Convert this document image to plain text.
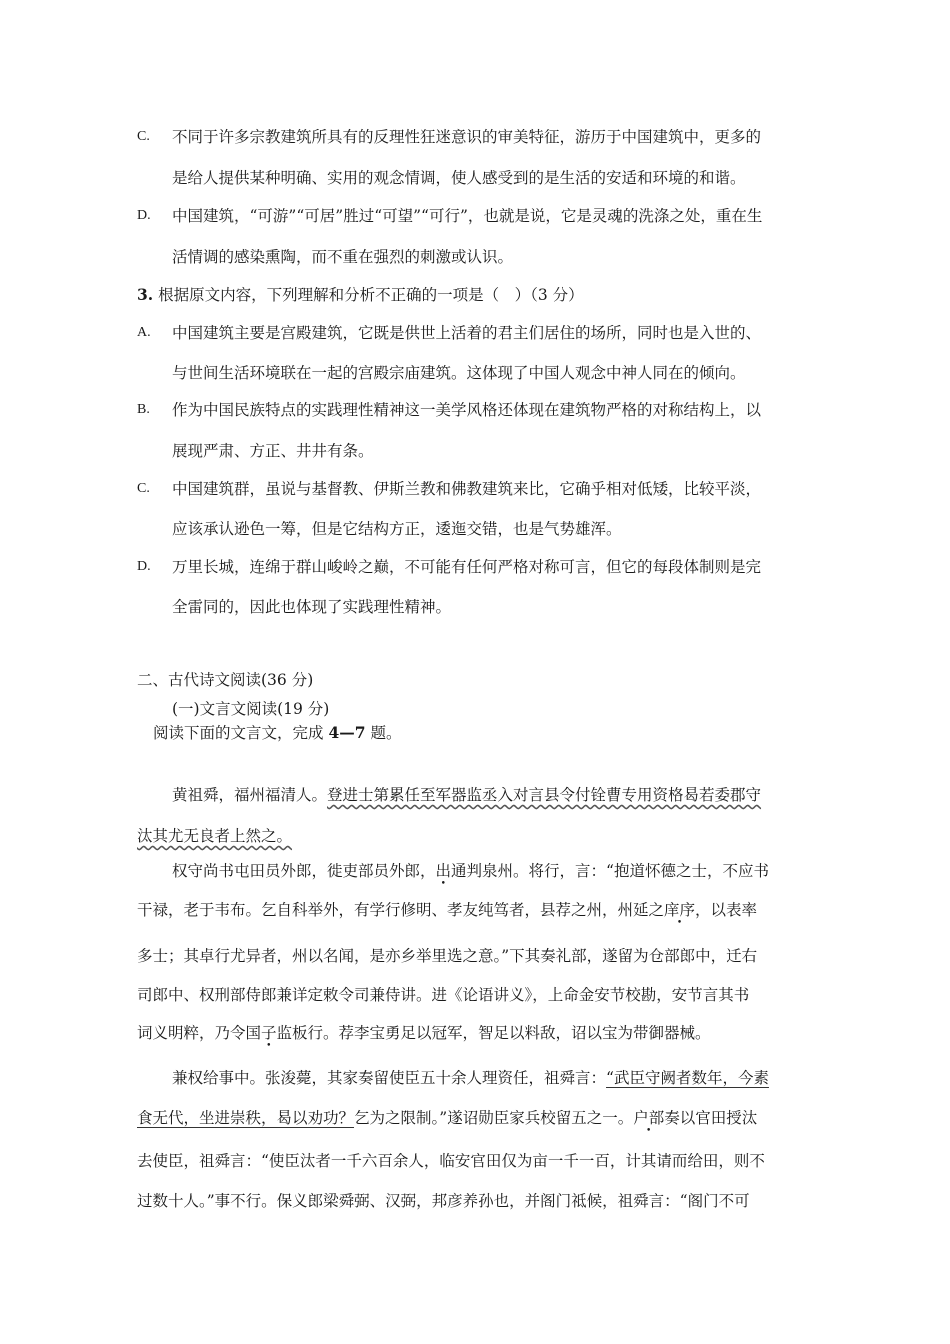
C. 不同于许多宗教建筑所具有的反理性狂迷意识的审美特征，游历于中国建筑中，更多的
是给人提供某种明确、实用的观念情调，使人感受到的是生活的安适和环境的和谐。
D. 中国建筑，“可游”“可居”胜过“可望”“可行”，也就是说，它是灵魂的洗涤之处，重在生
活情调的感染熏陶，而不重在强烈的刺激或认识。
3. 根据原文内容，下列理解和分析不正确的一项是（　）（3 分）
A. 中国建筑主要是宫殿建筑，它既是供世上活着的君主们居住的场所，同时也是入世的、
与世间生活环境联在一起的宫殿宗庙建筑。这体现了中国人观念中神人同在的倾向。
B. 作为中国民族特点的实践理性精神这一美学风格还体现在建筑物严格的对称结构上，以
展现严肃、方正、井井有条。
C. 中国建筑群，虽说与基督教、伊斯兰教和佛教建筑来比，它确乎相对低矮，比较平淡，
应该承认逊色一筹，但是它结构方正，逶迤交错，也是气势雄浑。
D. 万里长城，连绵于群山峻岭之巅，不可能有任何严格对称可言，但它的每段体制则是完
全雷同的，因此也体现了实践理性精神。
二、古代诗文阅读(36 分)
(一)文言文阅读(19 分)
阅读下面的文言文，完成 4—7 题。
黄祖舜，福州福清人。登进士第累任至军器监丞入对言县令付铨曹专用资格曷若委郡守
汰其尤无良者上然之。
权守尚书屯田员外郎，徙吏部员外郎，出通判泉州。将行，言：“抱道怀德之士，不应书
干禄，老于韦布。乞自科举外，有学行修明、孝友纯笃者，县荐之州，州延之庠序，以表率
多士；其卓行尤异者，州以名闻，是亦乡举里选之意。”下其奏礼部，遂留为仓部郎中，迁右
司郎中、权刑部侍郎兼详定敕令司兼侍讲。进《论语讲义》，上命金安节校勘，安节言其书
词义明粹，乃令国子监板行。荐李宝勇足以冠军，智足以料敌，诏以宝为带御器械。
兼权给事中。张浚薨，其家奏留使臣五十余人理资任，祖舜言：“武臣守阙者数年，今素
食无代，坐进崇秩，曷以劝功？乞为之限制。”遂诏勋臣家兵校留五之一。户部奏以官田授汰
去使臣，祖舜言：“使臣汰者一千六百余人，临安官田仅为亩一千一百，计其请而给田，则不
过数十人。”事不行。保义郎梁舜弼、汉弼，邦彦养孙也，并阁门祗候，祖舜言：“阁门不可
